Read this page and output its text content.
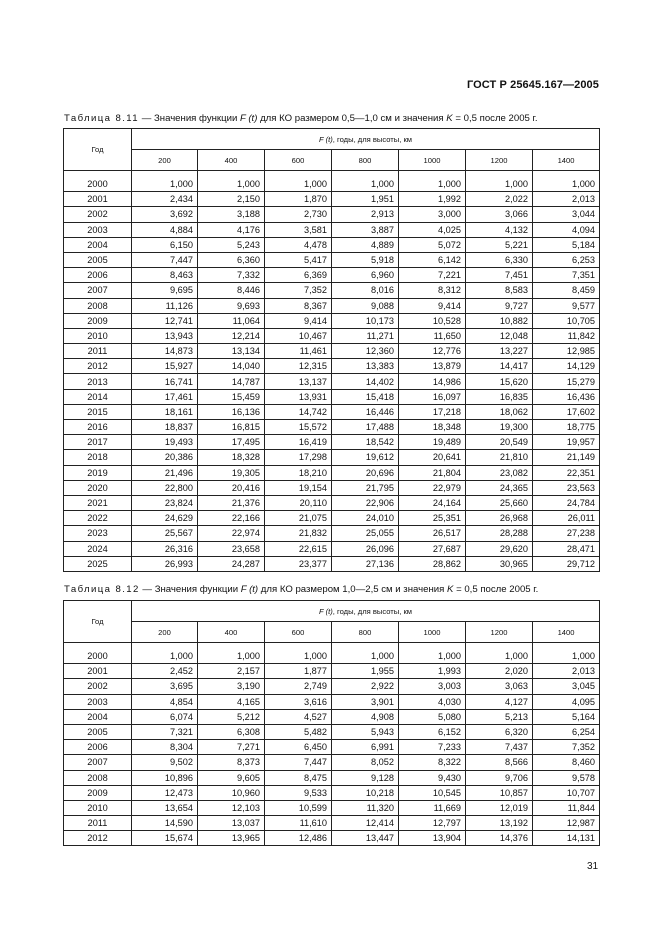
ГОСТ Р 25645.167—2005
Таблица 8.11 — Значения функции F (t) для КО размером 0,5—1,0 см и значения K = 0,5 после 2005 г.
Год	F (t), годы, для высоты, км						
	200	400	600	800	1000	1200	1400

2000	1,000	1,000	1,000	1,000	1,000	1,000	1,000
2001	2,434	2,150	1,870	1,951	1,992	2,022	2,013
2002	3,692	3,188	2,730	2,913	3,000	3,066	3,044
2003	4,884	4,176	3,581	3,887	4,025	4,132	4,094
2004	6,150	5,243	4,478	4,889	5,072	5,221	5,184
2005	7,447	6,360	5,417	5,918	6,142	6,330	6,253
2006	8,463	7,332	6,369	6,960	7,221	7,451	7,351
2007	9,695	8,446	7,352	8,016	8,312	8,583	8,459
2008	11,126	9,693	8,367	9,088	9,414	9,727	9,577
2009	12,741	11,064	9,414	10,173	10,528	10,882	10,705
2010	13,943	12,214	10,467	11,271	11,650	12,048	11,842
2011	14,873	13,134	11,461	12,360	12,776	13,227	12,985
2012	15,927	14,040	12,315	13,383	13,879	14,417	14,129
2013	16,741	14,787	13,137	14,402	14,986	15,620	15,279
2014	17,461	15,459	13,931	15,418	16,097	16,835	16,436
2015	18,161	16,136	14,742	16,446	17,218	18,062	17,602
2016	18,837	16,815	15,572	17,488	18,348	19,300	18,775
2017	19,493	17,495	16,419	18,542	19,489	20,549	19,957
2018	20,386	18,328	17,298	19,612	20,641	21,810	21,149
2019	21,496	19,305	18,210	20,696	21,804	23,082	22,351
2020	22,800	20,416	19,154	21,795	22,979	24,365	23,563
2021	23,824	21,376	20,110	22,906	24,164	25,660	24,784
2022	24,629	22,166	21,075	24,010	25,351	26,968	26,011
2023	25,567	22,974	21,832	25,055	26,517	28,288	27,238
2024	26,316	23,658	22,615	26,096	27,687	29,620	28,471
2025	26,993	24,287	23,377	27,136	28,862	30,965	29,712
Таблица 8.12 — Значения функции F (t) для КО размером 1,0—2,5 см и значения K = 0,5 после 2005 г.
Год	F (t), годы, для высоты, км						
	200	400	600	800	1000	1200	1400

2000	1,000	1,000	1,000	1,000	1,000	1,000	1,000
2001	2,452	2,157	1,877	1,955	1,993	2,020	2,013
2002	3,695	3,190	2,749	2,922	3,003	3,063	3,045
2003	4,854	4,165	3,616	3,901	4,030	4,127	4,095
2004	6,074	5,212	4,527	4,908	5,080	5,213	5,164
2005	7,321	6,308	5,482	5,943	6,152	6,320	6,254
2006	8,304	7,271	6,450	6,991	7,233	7,437	7,352
2007	9,502	8,373	7,447	8,052	8,322	8,566	8,460
2008	10,896	9,605	8,475	9,128	9,430	9,706	9,578
2009	12,473	10,960	9,533	10,218	10,545	10,857	10,707
2010	13,654	12,103	10,599	11,320	11,669	12,019	11,844
2011	14,590	13,037	11,610	12,414	12,797	13,192	12,987
2012	15,674	13,965	12,486	13,447	13,904	14,376	14,131
31
